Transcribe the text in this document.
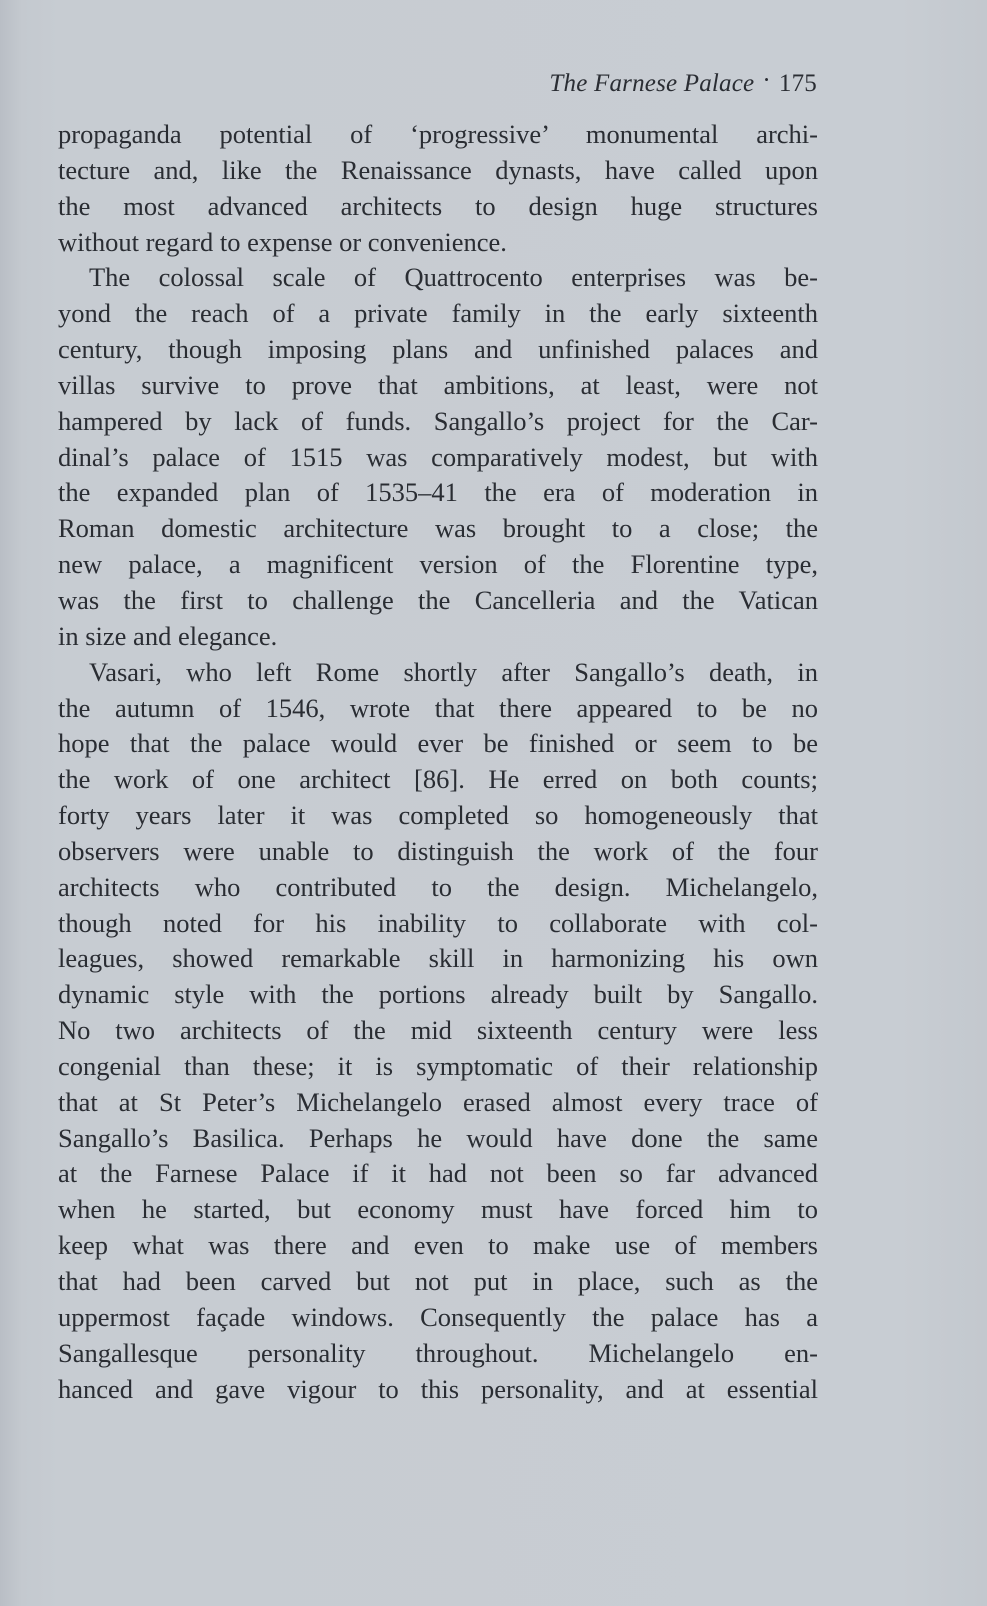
The Farnese Palace · 175
propaganda potential of ‘progressive’ monumental archi-
tecture and, like the Renaissance dynasts, have called upon
the most advanced architects to design huge structures
without regard to expense or convenience.
The colossal scale of Quattrocento enterprises was be-
yond the reach of a private family in the early sixteenth
century, though imposing plans and unfinished palaces and
villas survive to prove that ambitions, at least, were not
hampered by lack of funds. Sangallo’s project for the Car-
dinal’s palace of 1515 was comparatively modest, but with
the expanded plan of 1535–41 the era of moderation in
Roman domestic architecture was brought to a close; the
new palace, a magnificent version of the Florentine type,
was the first to challenge the Cancelleria and the Vatican
in size and elegance.
Vasari, who left Rome shortly after Sangallo’s death, in
the autumn of 1546, wrote that there appeared to be no
hope that the palace would ever be finished or seem to be
the work of one architect [86]. He erred on both counts;
forty years later it was completed so homogeneously that
observers were unable to distinguish the work of the four
architects who contributed to the design. Michelangelo,
though noted for his inability to collaborate with col-
leagues, showed remarkable skill in harmonizing his own
dynamic style with the portions already built by Sangallo.
No two architects of the mid sixteenth century were less
congenial than these; it is symptomatic of their relationship
that at St Peter’s Michelangelo erased almost every trace of
Sangallo’s Basilica. Perhaps he would have done the same
at the Farnese Palace if it had not been so far advanced
when he started, but economy must have forced him to
keep what was there and even to make use of members
that had been carved but not put in place, such as the
uppermost façade windows. Consequently the palace has a
Sangallesque personality throughout. Michelangelo en-
hanced and gave vigour to this personality, and at essential
